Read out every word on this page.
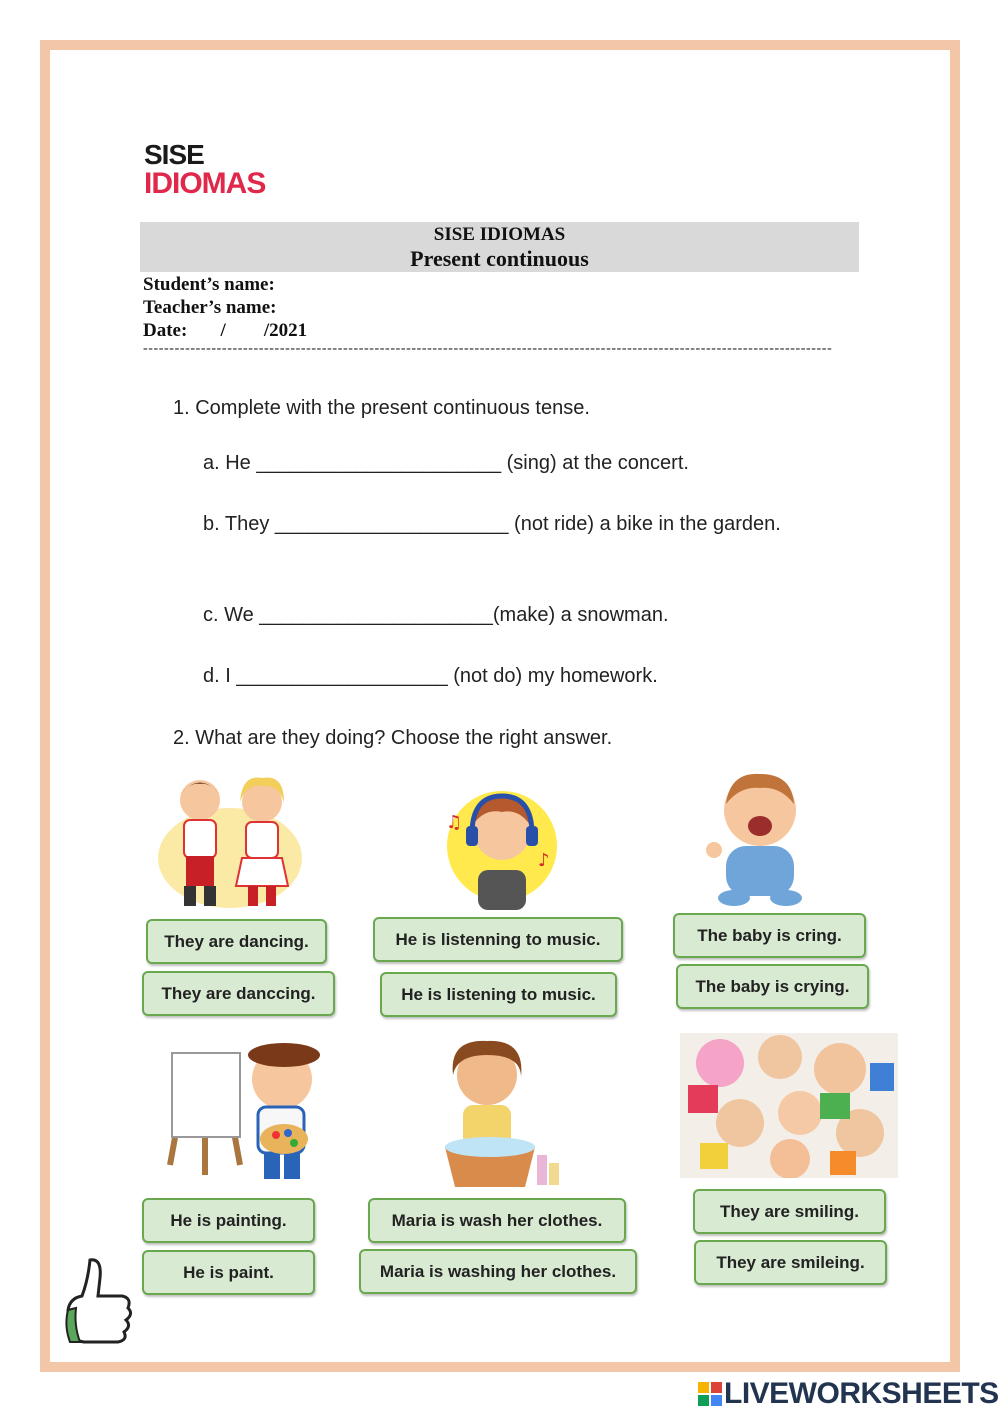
SISE
IDIOMAS
SISE IDIOMAS
Present continuous
Student’s name:
Teacher’s name:
Date:       /        /2021
-----------------------------------------------------------------------------------------------------------------------------------
1. Complete with the present continuous tense.
a. He ______________________ (sing) at the concert.
b. They _____________________ (not ride) a bike in the garden.
c. We _____________________(make) a snowman.
d. I ___________________ (not do) my homework.
2. What are they doing? Choose the right answer.
♫
♪
They are dancing.
They are danccing.
He is listenning to music.
He is listening to music.
The baby is cring.
The baby is crying.
He is painting.
He is paint.
Maria is wash her clothes.
Maria is washing her clothes.
They are smiling.
They are smileing.
LIVEWORKSHEETS
